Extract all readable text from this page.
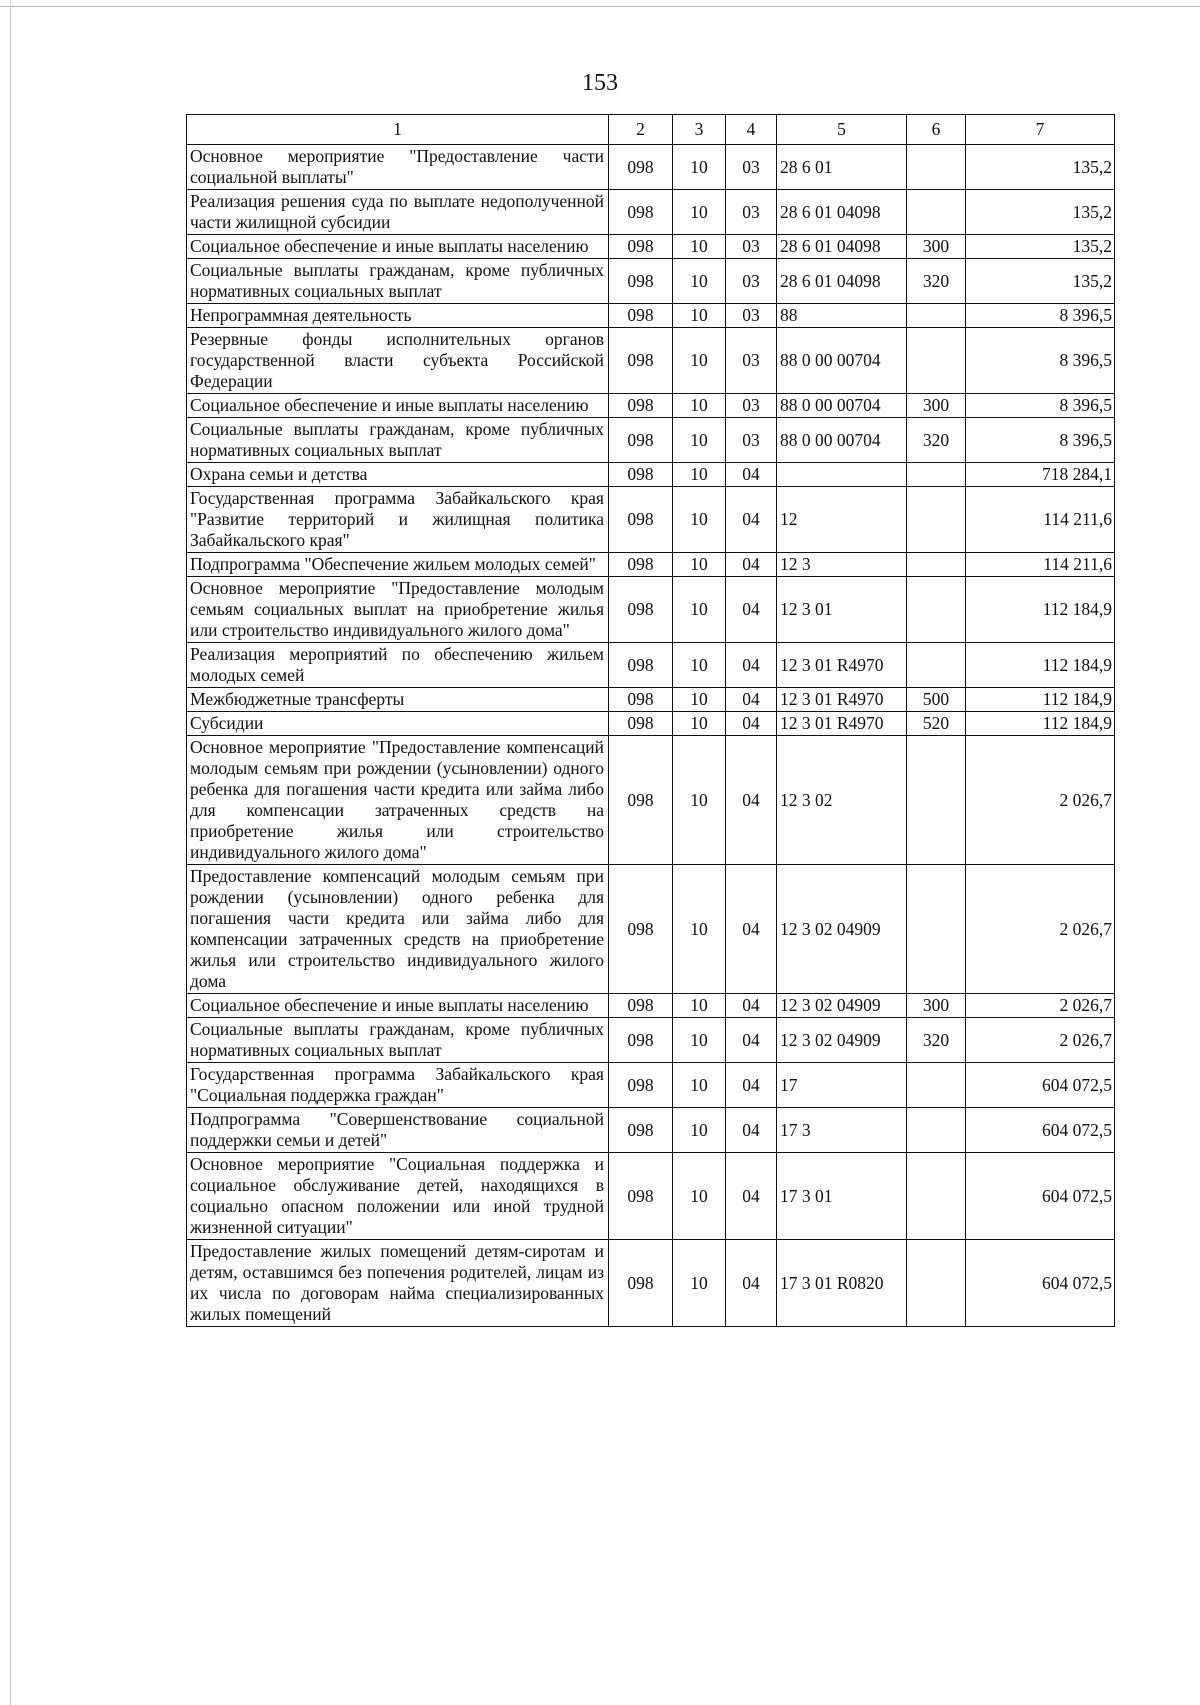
153
1	2	3	4	5	6	7
Основное мероприятие "Предоставление части социальной выплаты"	098	10	03	28 6 01		135,2
Реализация решения суда по выплате недополученной части жилищной субсидии	098	10	03	28 6 01 04098		135,2
Социальное обеспечение и иные выплаты населению	098	10	03	28 6 01 04098	300	135,2
Социальные выплаты гражданам, кроме публичных нормативных социальных выплат	098	10	03	28 6 01 04098	320	135,2
Непрограммная деятельность	098	10	03	88		8 396,5
Резервные фонды исполнительных органов государственной власти субъекта Российской Федерации	098	10	03	88 0 00 00704		8 396,5
Социальное обеспечение и иные выплаты населению	098	10	03	88 0 00 00704	300	8 396,5
Социальные выплаты гражданам, кроме публичных нормативных социальных выплат	098	10	03	88 0 00 00704	320	8 396,5
Охрана семьи и детства	098	10	04			718 284,1
Государственная программа Забайкальского края "Развитие территорий и жилищная политика Забайкальского края"	098	10	04	12		114 211,6
Подпрограмма "Обеспечение жильем молодых семей"	098	10	04	12 3		114 211,6
Основное мероприятие "Предоставление молодым семьям социальных выплат на приобретение жилья или строительство индивидуального жилого дома"	098	10	04	12 3 01		112 184,9
Реализация мероприятий по обеспечению жильем молодых семей	098	10	04	12 3 01 R4970		112 184,9
Межбюджетные трансферты	098	10	04	12 3 01 R4970	500	112 184,9
Субсидии	098	10	04	12 3 01 R4970	520	112 184,9
Основное мероприятие "Предоставление компенсаций молодым семьям при рождении (усыновлении) одного ребенка для погашения части кредита или займа либо для компенсации затраченных средств на приобретение жилья или строительство индивидуального жилого дома"	098	10	04	12 3 02		2 026,7
Предоставление компенсаций молодым семьям при рождении (усыновлении) одного ребенка для погашения части кредита или займа либо для компенсации затраченных средств на приобретение жилья или строительство индивидуального жилого дома	098	10	04	12 3 02 04909		2 026,7
Социальное обеспечение и иные выплаты населению	098	10	04	12 3 02 04909	300	2 026,7
Социальные выплаты гражданам, кроме публичных нормативных социальных выплат	098	10	04	12 3 02 04909	320	2 026,7
Государственная программа Забайкальского края "Социальная поддержка граждан"	098	10	04	17		604 072,5
Подпрограмма "Совершенствование социальной поддержки семьи и детей"	098	10	04	17 3		604 072,5
Основное мероприятие "Социальная поддержка и социальное обслуживание детей, находящихся в социально опасном положении или иной трудной жизненной ситуации"	098	10	04	17 3 01		604 072,5
Предоставление жилых помещений детям-сиротам и детям, оставшимся без попечения родителей, лицам из их числа по договорам найма специализированных жилых помещений	098	10	04	17 3 01 R0820		604 072,5
